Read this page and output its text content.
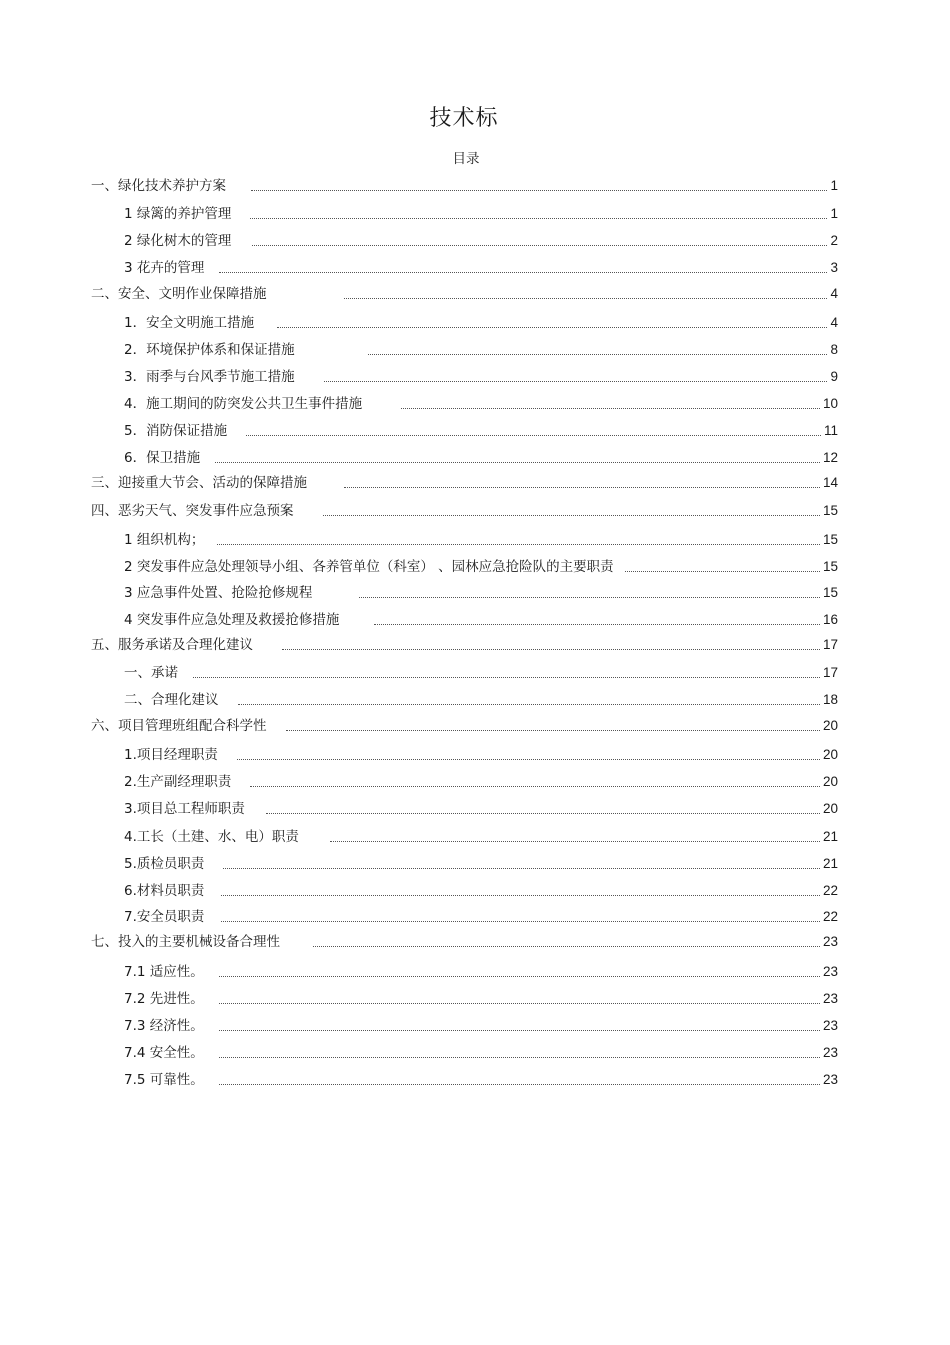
技术标
目录
一、绿化技术养护方案	1
1 绿篱的养护管理	1
2 绿化树木的管理	2
3 花卉的管理	3
二、安全、文明作业保障措施	4
1．安全文明施工措施	4
2．环境保护体系和保证措施	8
3．雨季与台风季节施工措施	9
4．施工期间的防突发公共卫生事件措施	10
5．消防保证措施	11
6．保卫措施	12
三、迎接重大节会、活动的保障措施	14
四、恶劣天气、突发事件应急预案	15
1 组织机构；	15
2 突发事件应急处理领导小组、各养管单位（科室） 、园林应急抢险队的主要职责	15
3 应急事件处置、抢险抢修规程	15
4 突发事件应急处理及救援抢修措施	16
五、服务承诺及合理化建议	17
一、承诺	17
二、合理化建议	18
六、项目管理班组配合科学性	20
1.项目经理职责	20
2.生产副经理职责	20
3.项目总工程师职责	20
4.工长（土建、水、电）职责	21
5.质检员职责	21
6.材料员职责	22
7.安全员职责	22
七、投入的主要机械设备合理性	23
7.1 适应性。	23
7.2 先进性。	23
7.3 经济性。	23
7.4 安全性。	23
7.5 可靠性。	23
